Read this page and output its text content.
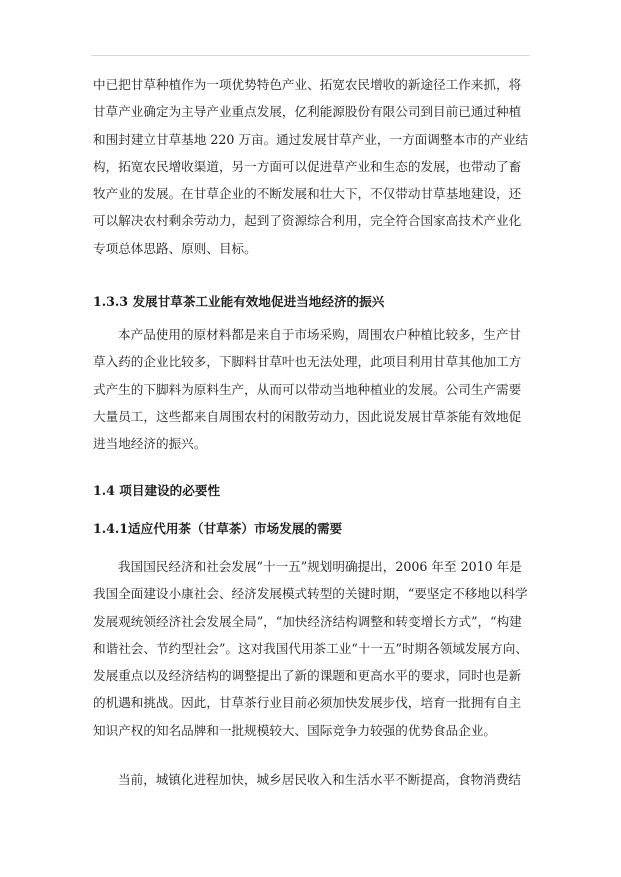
中已把甘草种植作为一项优势特色产业、拓宽农民增收的新途径工作来抓，将

甘草产业确定为主导产业重点发展，亿利能源股份有限公司到目前已通过种植

和围封建立甘草基地 220 万亩。通过发展甘草产业，一方面调整本市的产业结

构，拓宽农民增收渠道，另一方面可以促进草产业和生态的发展，也带动了畜

牧产业的发展。在甘草企业的不断发展和壮大下，不仅带动甘草基地建设，还

可以解决农村剩余劳动力，起到了资源综合利用，完全符合国家高技术产业化

专项总体思路、原则、目标。

1.3.3 发展甘草茶工业能有效地促进当地经济的振兴

本产品使用的原材料都是来自于市场采购，周围农户种植比较多，生产甘

草入药的企业比较多，下脚料甘草叶也无法处理，此项目利用甘草其他加工方

式产生的下脚料为原料生产，从而可以带动当地种植业的发展。公司生产需要

大量员工，这些都来自周围农村的闲散劳动力，因此说发展甘草茶能有效地促

进当地经济的振兴。

1.4 项目建设的必要性
1.4.1适应代用茶（甘草茶）市场发展的需要

我国国民经济和社会发展“十一五”规划明确提出，2006 年至 2010 年是

我国全面建设小康社会、经济发展模式转型的关键时期，“要坚定不移地以科学

发展观统领经济社会发展全局”，“加快经济结构调整和转变增长方式”，“构建

和谐社会、节约型社会”。这对我国代用茶工业“十一五”时期各领域发展方向、

发展重点以及经济结构的调整提出了新的课题和更高水平的要求，同时也是新

的机遇和挑战。因此，甘草茶行业目前必须加快发展步伐，培育一批拥有自主

知识产权的知名品牌和一批规模较大、国际竞争力较强的优势食品企业。

当前，城镇化进程加快，城乡居民收入和生活水平不断提高，食物消费结
